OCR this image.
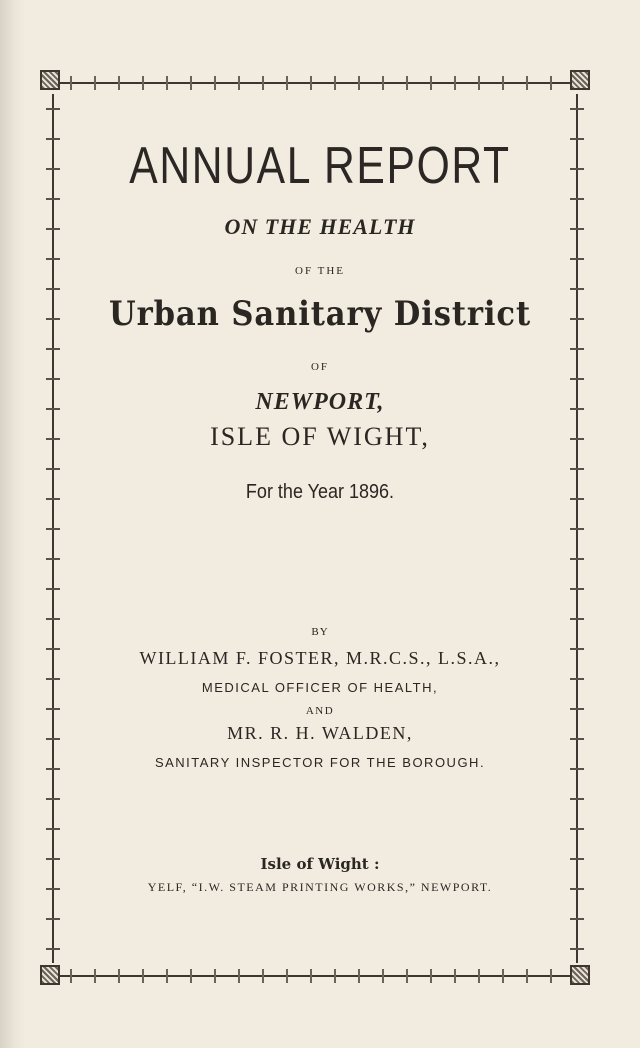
ANNUAL REPORT
ON THE HEALTH
OF THE
Urban Sanitary District
OF
NEWPORT,
ISLE OF WIGHT,
For the Year 1896.
BY
WILLIAM F. FOSTER, M.R.C.S., L.S.A.,
MEDICAL OFFICER OF HEALTH,
AND
MR. R. H. WALDEN,
SANITARY INSPECTOR FOR THE BOROUGH.
Isle of Wight :
YELF, “I.W. STEAM PRINTING WORKS,” NEWPORT.
